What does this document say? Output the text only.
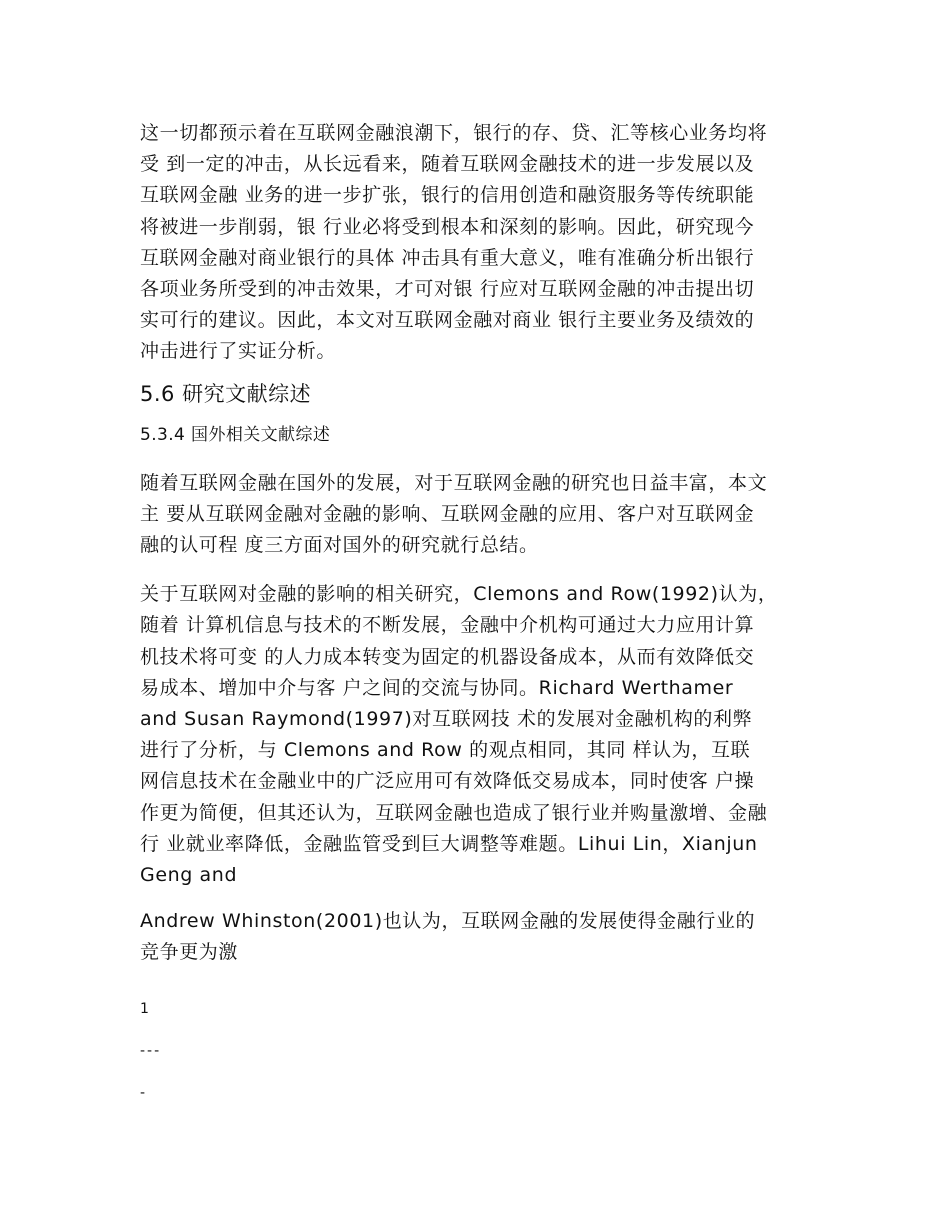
这一切都预示着在互联网金融浪潮下，银行的存、贷、汇等核心业务均将
受 到一定的冲击，从长远看来，随着互联网金融技术的进一步发展以及
互联网金融 业务的进一步扩张，银行的信用创造和融资服务等传统职能
将被进一步削弱，银 行业必将受到根本和深刻的影响。因此，研究现今
互联网金融对商业银行的具体 冲击具有重大意义，唯有准确分析出银行
各项业务所受到的冲击效果，才可对银 行应对互联网金融的冲击提出切
实可行的建议。因此，本文对互联网金融对商业 银行主要业务及绩效的
冲击进行了实证分析。

5.6 研究文献综述
5.3.4 国外相关文献综述

随着互联网金融在国外的发展，对于互联网金融的研究也日益丰富，本文
主 要从互联网金融对金融的影响、互联网金融的应用、客户对互联网金
融的认可程 度三方面对国外的研究就行总结。

关于互联网对金融的影响的相关研究，Clemons and Row(1992)认为，
随着 计算机信息与技术的不断发展，金融中介机构可通过大力应用计算
机技术将可变 的人力成本转变为固定的机器设备成本，从而有效降低交
易成本、增加中介与客 户之间的交流与协同。Richard Werthamer
and Susan Raymond(1997)对互联网技 术的发展对金融机构的利弊
进行了分析，与 Clemons and Row 的观点相同，其同 样认为，互联
网信息技术在金融业中的广泛应用可有效降低交易成本，同时使客 户操
作更为简便，但其还认为，互联网金融也造成了银行业并购量激增、金融
行 业就业率降低，金融监管受到巨大调整等难题。Lihui Lin，Xianjun
Geng and

Andrew Whinston(2001)也认为，互联网金融的发展使得金融行业的
竞争更为激

1
---
-
